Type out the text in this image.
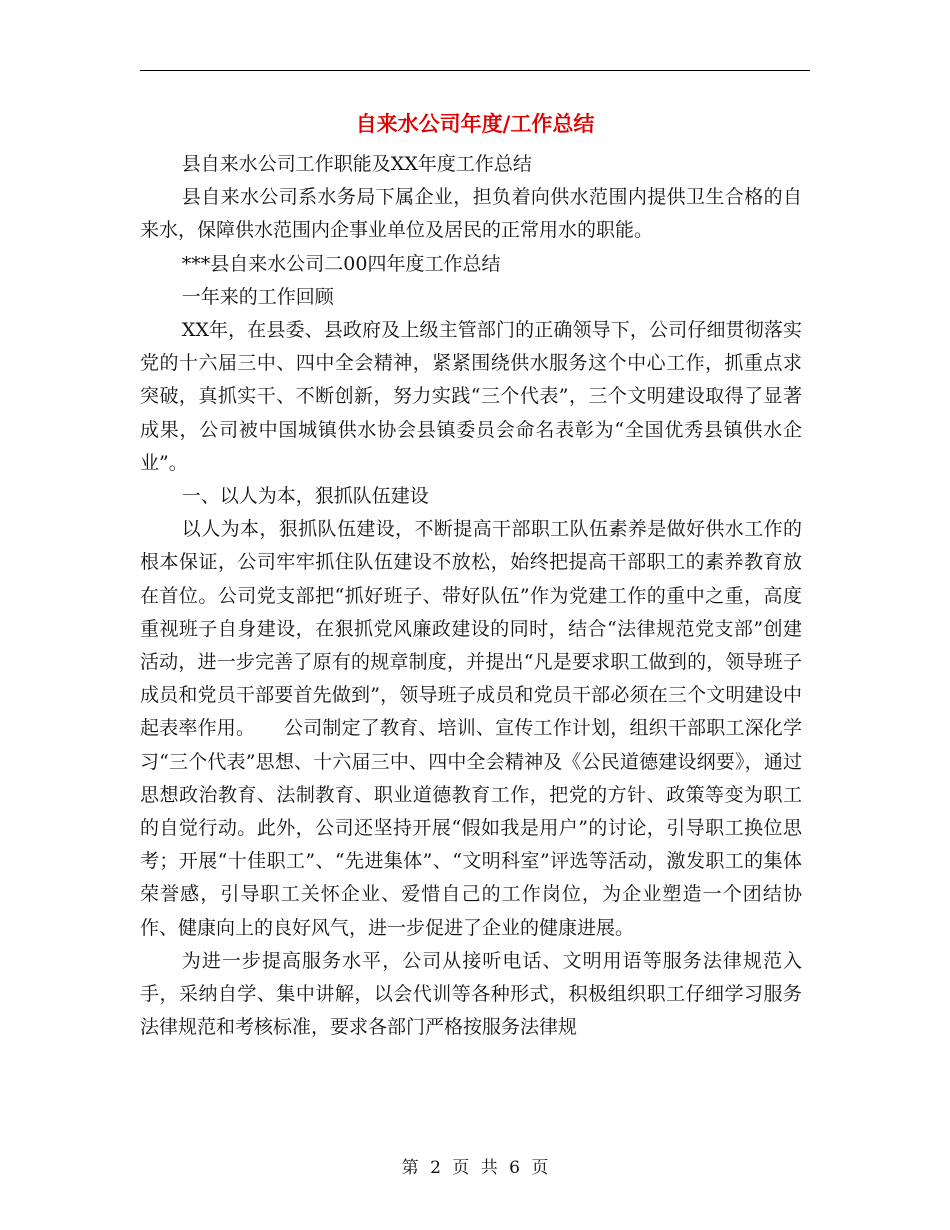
自来水公司年度/工作总结

县自来水公司工作职能及XX年度工作总结

县自来水公司系水务局下属企业，担负着向供水范围内提供卫生合格的自来水，保障供水范围内企事业单位及居民的正常用水的职能。

***县自来水公司二00四年度工作总结

一年来的工作回顾

XX年，在县委、县政府及上级主管部门的正确领导下，公司仔细贯彻落实党的十六届三中、四中全会精神，紧紧围绕供水服务这个中心工作，抓重点求突破，真抓实干、不断创新，努力实践“三个代表”，三个文明建设取得了显著成果，公司被中国城镇供水协会县镇委员会命名表彰为“全国优秀县镇供水企业”。

一、以人为本，狠抓队伍建设

以人为本，狠抓队伍建设，不断提高干部职工队伍素养是做好供水工作的根本保证，公司牢牢抓住队伍建设不放松，始终把提高干部职工的素养教育放在首位。公司党支部把“抓好班子、带好队伍”作为党建工作的重中之重，高度重视班子自身建设，在狠抓党风廉政建设的同时，结合“法律规范党支部”创建活动，进一步完善了原有的规章制度，并提出“凡是要求职工做到的，领导班子成员和党员干部要首先做到”，领导班子成员和党员干部必须在三个文明建设中起表率作用。　　公司制定了教育、培训、宣传工作计划，组织干部职工深化学习“三个代表”思想、十六届三中、四中全会精神及《公民道德建设纲要》，通过思想政治教育、法制教育、职业道德教育工作，把党的方针、政策等变为职工的自觉行动。此外，公司还坚持开展“假如我是用户”的讨论，引导职工换位思考；开展“十佳职工”、“先进集体”、“文明科室”评选等活动，激发职工的集体荣誉感，引导职工关怀企业、爱惜自己的工作岗位，为企业塑造一个团结协作、健康向上的良好风气，进一步促进了企业的健康进展。

为进一步提高服务水平，公司从接听电话、文明用语等服务法律规范入手，采纳自学、集中讲解，以会代训等各种形式，积极组织职工仔细学习服务法律规范和考核标准，要求各部门严格按服务法律规

第 2 页 共 6 页
